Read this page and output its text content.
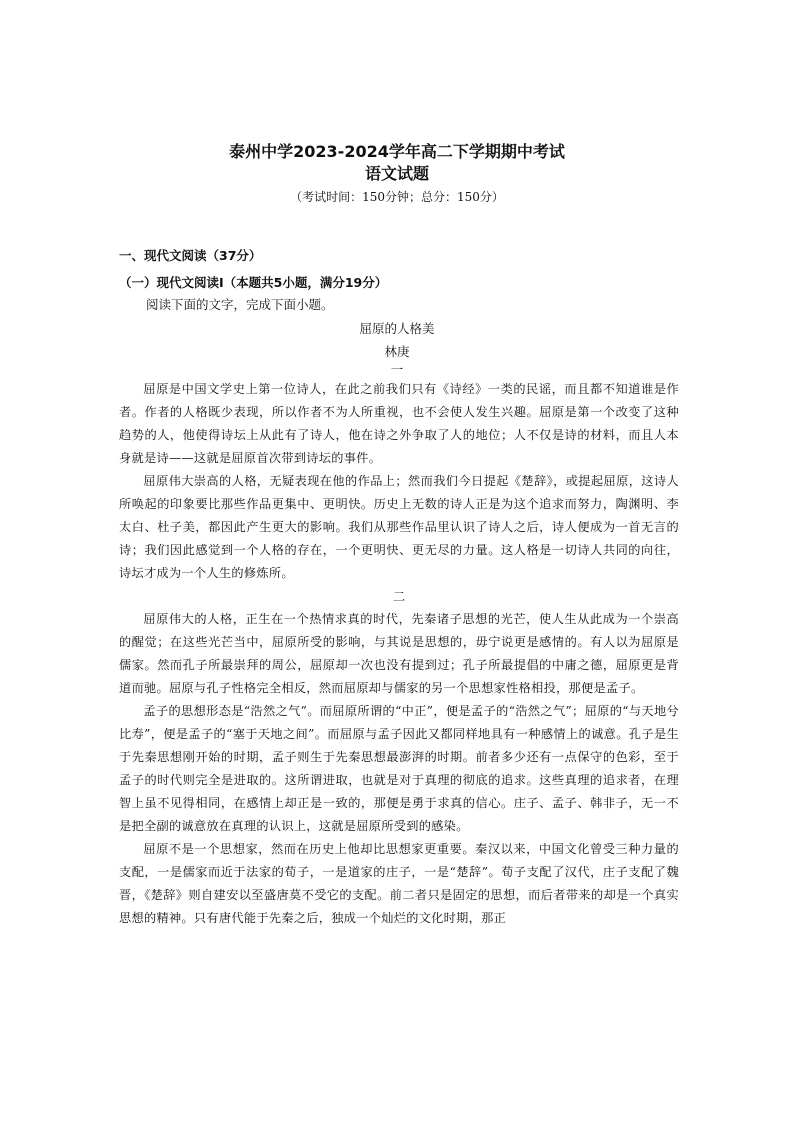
泰州中学2023-2024学年高二下学期期中考试
语文试题
（考试时间：150分钟；总分：150分）
一、现代文阅读（37分）
（一）现代文阅读Ⅰ（本题共5小题，满分19分）
阅读下面的文字，完成下面小题。
屈原的人格美
林庚
一

屈原是中国文学史上第一位诗人，在此之前我们只有《诗经》一类的民谣，而且都不知道谁是作者。作者的人格既少表现，所以作者不为人所重视，也不会使人发生兴趣。屈原是第一个改变了这种趋势的人，他使得诗坛上从此有了诗人，他在诗之外争取了人的地位；人不仅是诗的材料，而且人本身就是诗——这就是屈原首次带到诗坛的事件。

屈原伟大崇高的人格，无疑表现在他的作品上；然而我们今日提起《楚辞》，或提起屈原，这诗人所唤起的印象要比那些作品更集中、更明快。历史上无数的诗人正是为这个追求而努力，陶渊明、李太白、杜子美，都因此产生更大的影响。我们从那些作品里认识了诗人之后，诗人便成为一首无言的诗；我们因此感觉到一个人格的存在，一个更明快、更无尽的力量。这人格是一切诗人共同的向往，诗坛才成为一个人生的修炼所。

二

屈原伟大的人格，正生在一个热情求真的时代，先秦诸子思想的光芒，使人生从此成为一个崇高的醒觉；在这些光芒当中，屈原所受的影响，与其说是思想的，毋宁说更是感情的。有人以为屈原是儒家。然而孔子所最崇拜的周公，屈原却一次也没有提到过；孔子所最提倡的中庸之德，屈原更是背道而驰。屈原与孔子性格完全相反，然而屈原却与儒家的另一个思想家性格相投，那便是孟子。

孟子的思想形态是“浩然之气”。而屈原所谓的“中正”，便是孟子的“浩然之气”；屈原的“与天地兮比寿”，便是孟子的“塞于天地之间”。而屈原与孟子因此又都同样地具有一种感情上的诚意。孔子是生于先秦思想刚开始的时期，孟子则生于先秦思想最澎湃的时期。前者多少还有一点保守的色彩，至于孟子的时代则完全是进取的。这所谓进取，也就是对于真理的彻底的追求。这些真理的追求者，在理智上虽不见得相同，在感情上却正是一致的，那便是勇于求真的信心。庄子、孟子、韩非子，无一不是把全副的诚意放在真理的认识上，这就是屈原所受到的感染。

屈原不是一个思想家，然而在历史上他却比思想家更重要。秦汉以来，中国文化曾受三种力量的支配，一是儒家而近于法家的荀子，一是道家的庄子，一是“楚辞”。荀子支配了汉代，庄子支配了魏晋，《楚辞》则自建安以至盛唐莫不受它的支配。前二者只是固定的思想，而后者带来的却是一个真实思想的精神。只有唐代能于先秦之后，独成一个灿烂的文化时期，那正
